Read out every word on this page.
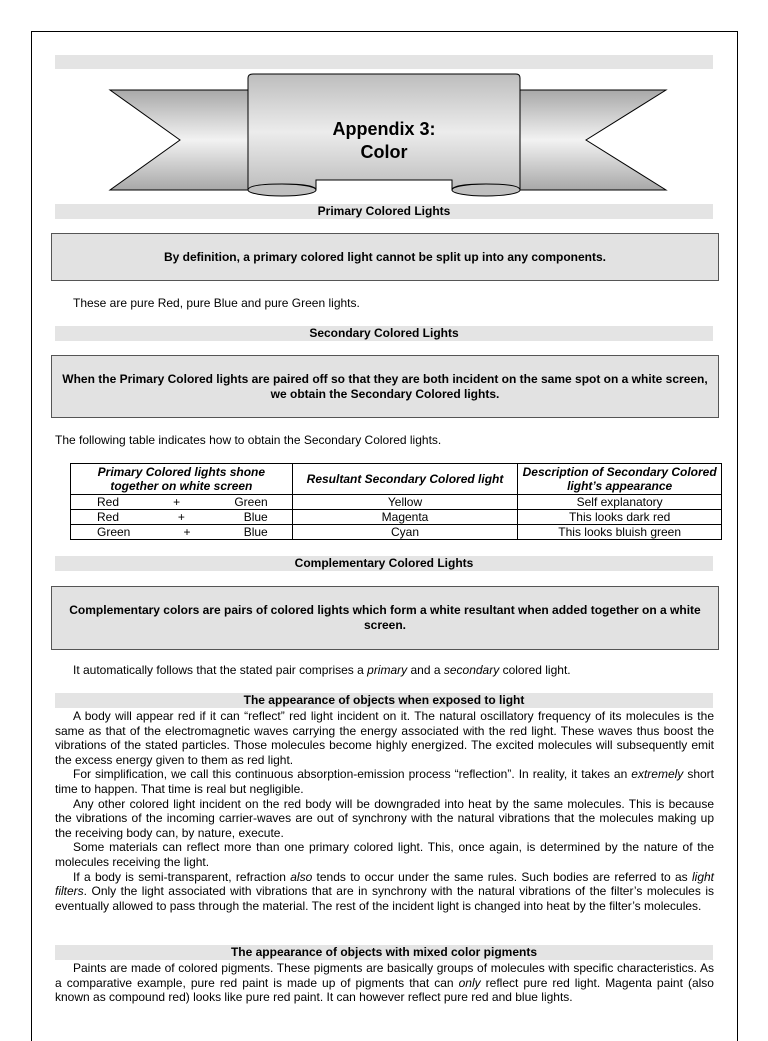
Appendix 3:
Color
Primary Colored Lights
By definition, a primary colored light cannot be split up into any components.
These are pure Red, pure Blue and pure Green lights.
Secondary Colored Lights
When the Primary Colored lights are paired off so that they are both incident on the same spot on a white screen, we obtain the Secondary Colored lights.
The following table indicates how to obtain the Secondary Colored lights.
Primary Colored lights shone together on white screen	Resultant Secondary Colored light	Description of Secondary Colored light’s appearance

Red + Green	Yellow	Self explanatory

Red + Blue	Magenta	This looks dark red

Green + Blue	Cyan	This looks bluish green
Complementary Colored Lights
Complementary colors are pairs of colored lights which form a white resultant when added together on a white screen.
It automatically follows that the stated pair comprises a primary and a secondary colored light.
The appearance of objects when exposed to light

A body will appear red if it can “reflect” red light incident on it. The natural oscillatory frequency of its molecules is the same as that of the electromagnetic waves carrying the energy associated with the red light. These waves thus boost the vibrations of the stated particles. Those molecules become highly energized. The excited molecules will subsequently emit the excess energy given to them as red light.

For simplification, we call this continuous absorption-emission process “reflection”. In reality, it takes an extremely short time to happen. That time is real but negligible.

Any other colored light incident on the red body will be downgraded into heat by the same molecules. This is because the vibrations of the incoming carrier-waves are out of synchrony with the natural vibrations that the molecules making up the receiving body can, by nature, execute.

Some materials can reflect more than one primary colored light. This, once again, is determined by the nature of the molecules receiving the light.

If a body is semi-transparent, refraction also tends to occur under the same rules. Such bodies are referred to as light filters. Only the light associated with vibrations that are in synchrony with the natural vibrations of the filter’s molecules is eventually allowed to pass through the material. The rest of the incident light is changed into heat by the filter’s molecules.

The appearance of objects with mixed color pigments

Paints are made of colored pigments. These pigments are basically groups of molecules with specific characteristics. As a comparative example, pure red paint is made up of pigments that can only reflect pure red light. Magenta paint (also known as compound red) looks like pure red paint. It can however reflect pure red and blue lights.
